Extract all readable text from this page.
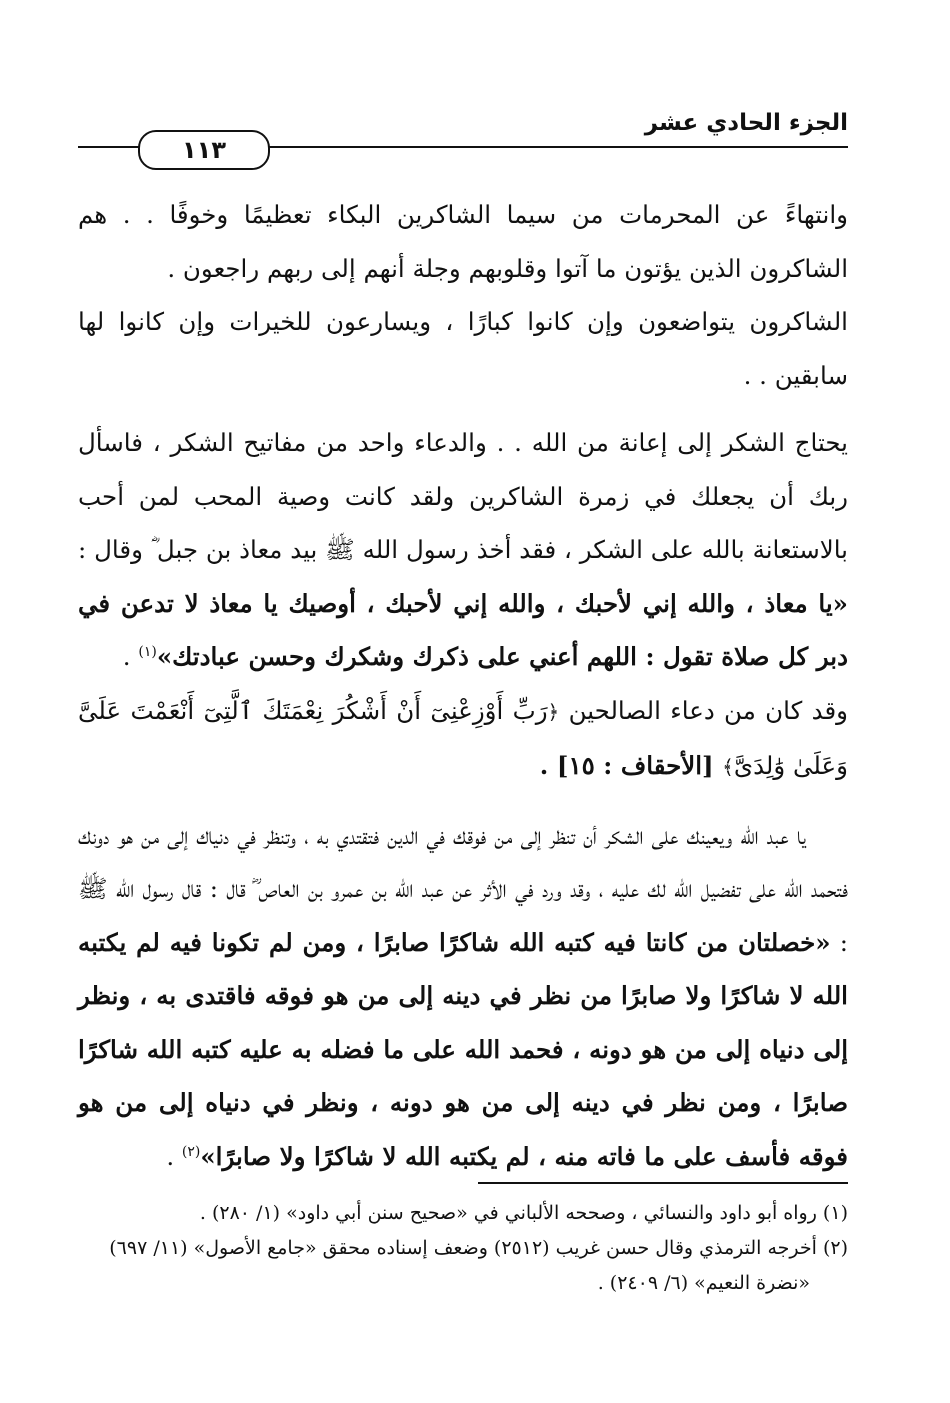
الجزء الحادي عشر
١١٣

وانتهاءً عن المحرمات من سيما الشاكرين البكاء تعظيمًا وخوفًا . . هم الشاكرون الذين يؤتون ما آتوا وقلوبهم وجلة أنهم إلى ربهم راجعون .

الشاكرون يتواضعون وإن كانوا كبارًا ، ويسارعون للخيرات وإن كانوا لها سابقين . .

يحتاج الشكر إلى إعانة من الله . . والدعاء واحد من مفاتيح الشكر ، فاسأل ربك أن يجعلك في زمرة الشاكرين ولقد كانت وصية المحب لمن أحب بالاستعانة بالله على الشكر ، فقد أخذ رسول الله ﷺ بيد معاذ بن جبل ؓ وقال : «يا معاذ ، والله إني لأحبك ، والله إني لأحبك ، أوصيك يا معاذ لا تدعن في دبر كل صلاة تقول : اللهم أعني على ذكرك وشكرك وحسن عبادتك»$^{(١)}$ .

وقد كان من دعاء الصالحين ﴿رَبِّ أَوْزِعْنِىٓ أَنْ أَشْكُرَ نِعْمَتَكَ ٱلَّتِىٓ أَنْعَمْتَ عَلَىَّ وَعَلَىٰ وَٰلِدَىَّ﴾ [الأحقاف : ١٥] .

يا عبد الله ويعينك على الشكر أن تنظر إلى من فوقك في الدين فتقتدي به ، وتنظر في دنياك إلى من هو دونك فتحمد الله على تفضيل الله لك عليه ، وقد ورد في الأثر عن عبد الله بن عمرو بن العاص ؓ قال : قال رسول الله ﷺ : «خصلتان من كانتا فيه كتبه الله شاكرًا صابرًا ، ومن لم تكونا فيه لم يكتبه الله لا شاكرًا ولا صابرًا من نظر في دينه إلى من هو فوقه فاقتدى به ، ونظر إلى دنياه إلى من هو دونه ، فحمد الله على ما فضله به عليه كتبه الله شاكرًا صابرًا ، ومن نظر في دينه إلى من هو دونه ، ونظر في دنياه إلى من هو فوقه فأسف على ما فاته منه ، لم يكتبه الله لا شاكرًا ولا صابرًا»$^{(٢)}$ .

(١) رواه أبو داود والنسائي ، وصححه الألباني في «صحيح سنن أبي داود» (١/ ٢٨٠) .

(٢) أخرجه الترمذي وقال حسن غريب (٢٥١٢) وضعف إسناده محقق «جامع الأصول» (١١/ ٦٩٧)

«نضرة النعيم» (٦/ ٢٤٠٩) .
